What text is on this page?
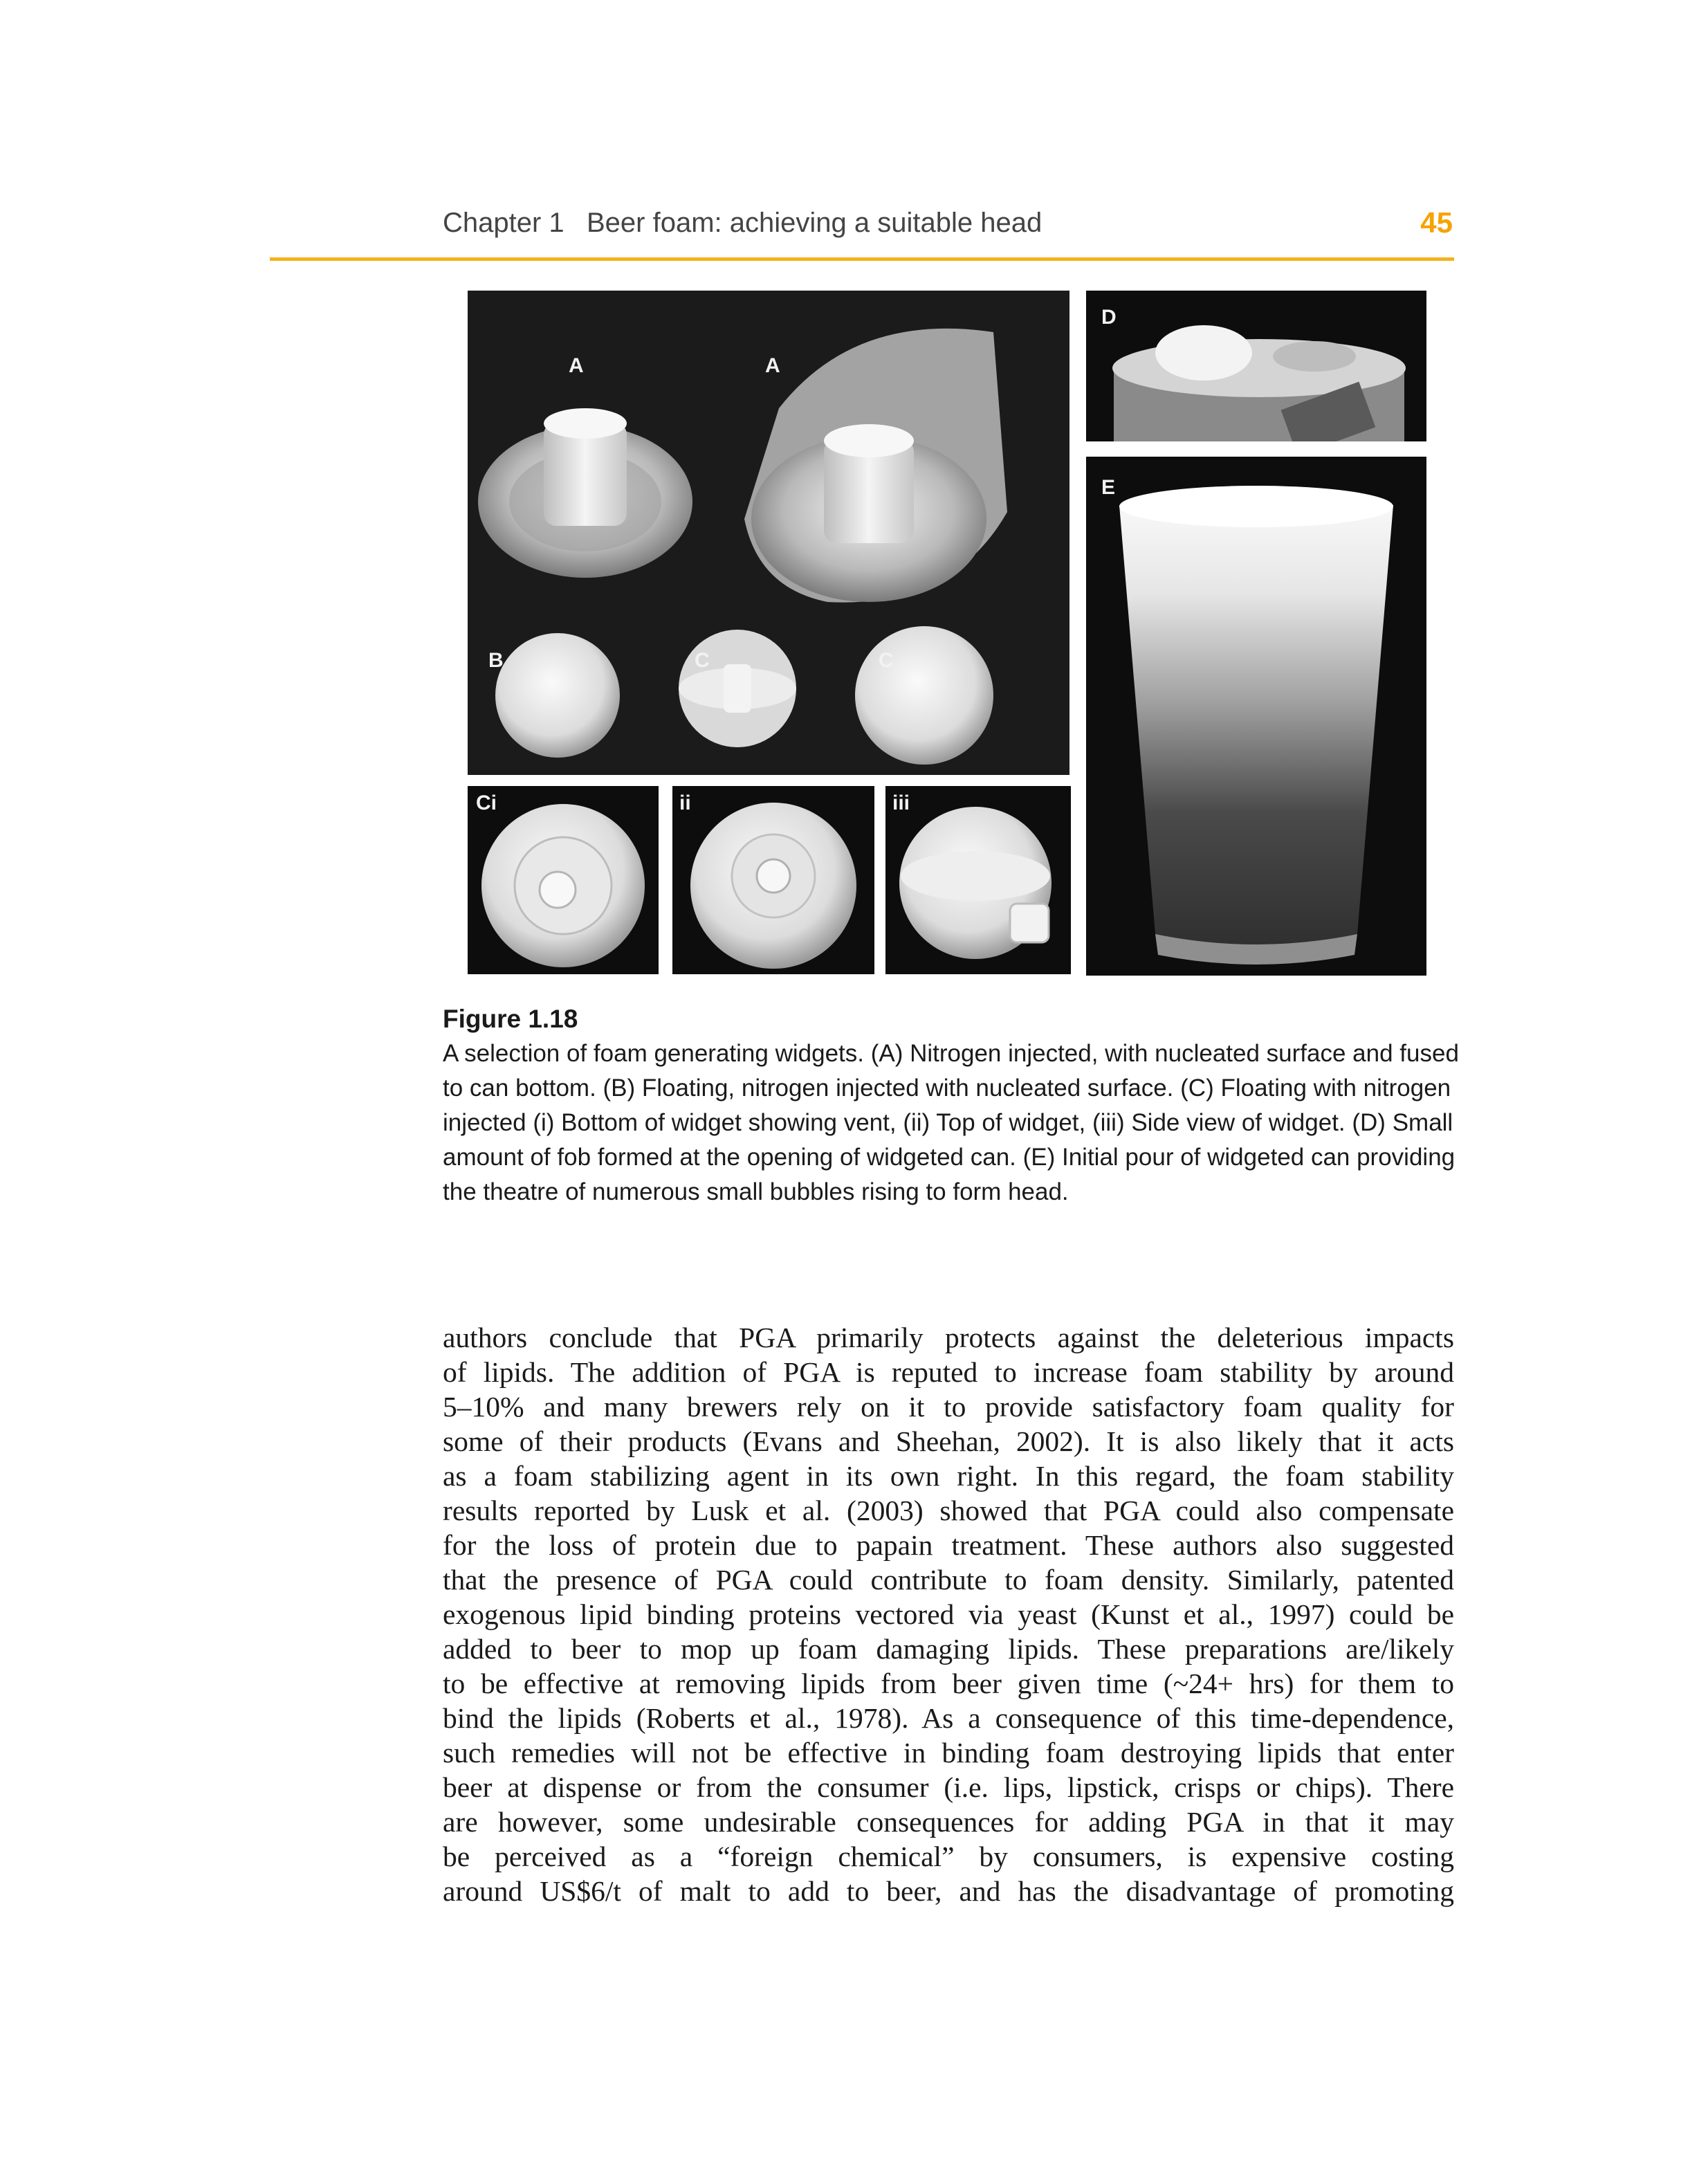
Chapter 1 Beer foam: achieving a suitable head	45
A	A
B	C	C
Ci	ii	iii
D
E
Figure 1.18
A selection of foam generating widgets. (A) Nitrogen injected, with nucleated surface and fused to can bottom. (B) Floating, nitrogen injected with nucleated surface. (C) Floating with nitrogen injected (i) Bottom of widget showing vent, (ii) Top of widget, (iii) Side view of widget. (D) Small amount of fob formed at the opening of widgeted can. (E) Initial pour of widgeted can providing the theatre of numerous small bubbles rising to form head.
authors conclude that PGA primarily protects against the deleterious impacts
of lipids. The addition of PGA is reputed to increase foam stability by around
5–10% and many brewers rely on it to provide satisfactory foam quality for
some of their products (Evans and Sheehan, 2002). It is also likely that it acts
as a foam stabilizing agent in its own right. In this regard, the foam stability
results reported by Lusk et al. (2003) showed that PGA could also compensate
for the loss of protein due to papain treatment. These authors also suggested
that the presence of PGA could contribute to foam density. Similarly, patented
exogenous lipid binding proteins vectored via yeast (Kunst et al., 1997) could be
added to beer to mop up foam damaging lipids. These preparations are/likely
to be effective at removing lipids from beer given time (~24+ hrs) for them to
bind the lipids (Roberts et al., 1978). As a consequence of this time-dependence,
such remedies will not be effective in binding foam destroying lipids that enter
beer at dispense or from the consumer (i.e. lips, lipstick, crisps or chips). There
are however, some undesirable consequences for adding PGA in that it may
be perceived as a “foreign chemical” by consumers, is expensive costing
around US$6/t of malt to add to beer, and has the disadvantage of promoting
